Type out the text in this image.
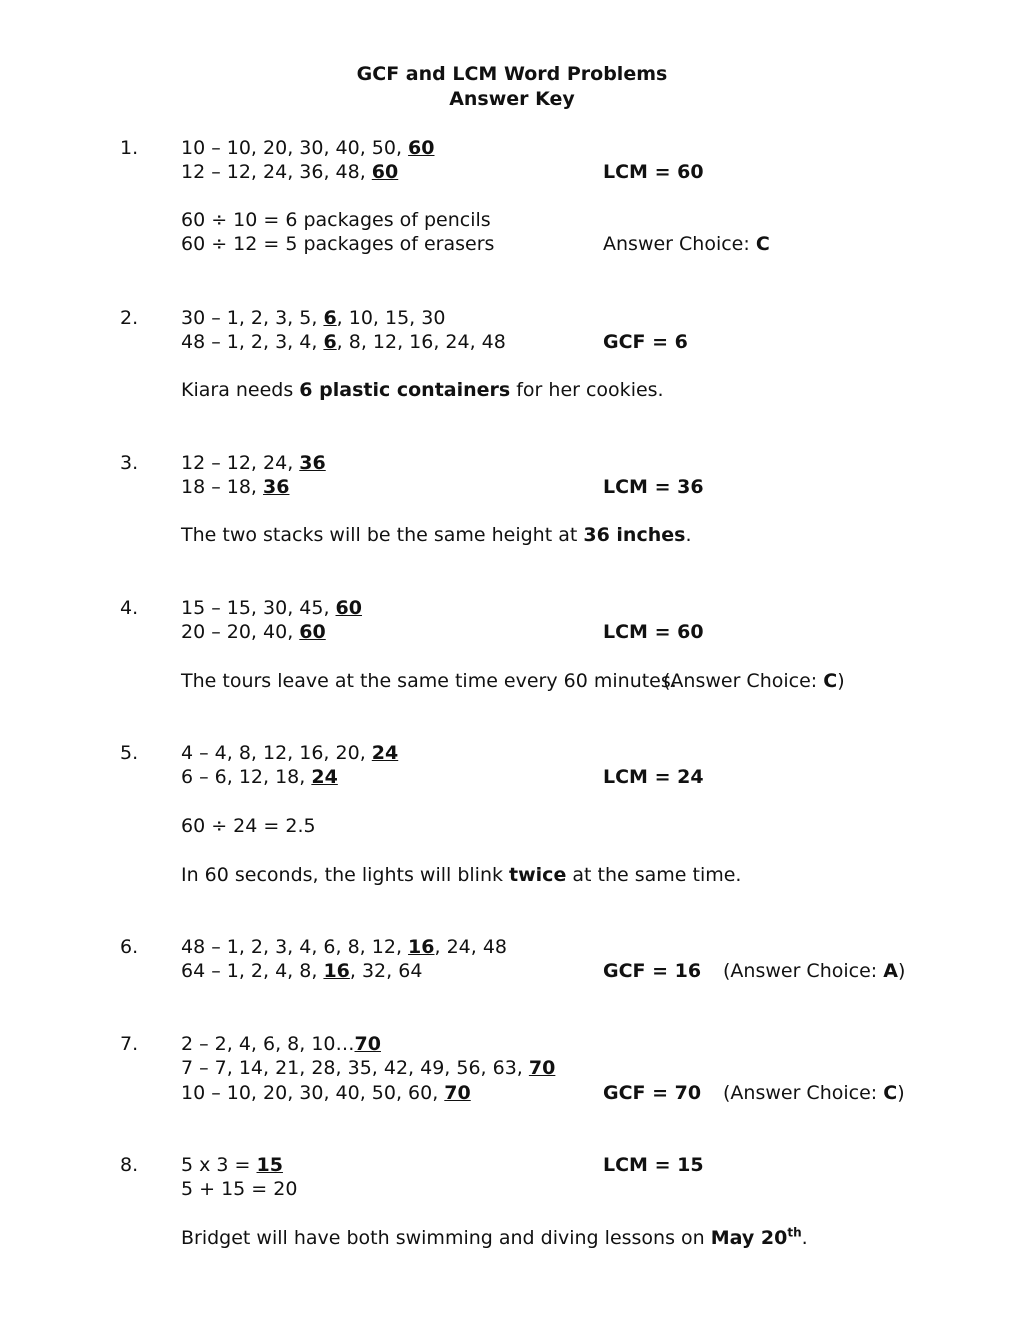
GCF and LCM Word Problems
Answer Key
1. 10 – 10, 20, 30, 40, 50, 60
12 – 12, 24, 36, 48, 60	LCM = 60
60 ÷ 10 = 6 packages of pencils
60 ÷ 12 = 5 packages of erasers	Answer Choice: C
2. 30 – 1, 2, 3, 5, 6, 10, 15, 30
48 – 1, 2, 3, 4, 6, 8, 12, 16, 24, 48	GCF = 6
Kiara needs 6 plastic containers for her cookies.
3. 12 – 12, 24, 36
18 – 18, 36	LCM = 36
The two stacks will be the same height at 36 inches.
4. 15 – 15, 30, 45, 60
20 – 20, 40, 60	LCM = 60
The tours leave at the same time every 60 minutes.
(Answer Choice: C)
5. 4 – 4, 8, 12, 16, 20, 24
6 – 6, 12, 18, 24	LCM = 24
60 ÷ 24 = 2.5
In 60 seconds, the lights will blink twice at the same time.
6. 48 – 1, 2, 3, 4, 6, 8, 12, 16, 24, 48
64 – 1, 2, 4, 8, 16, 32, 64	GCF = 16 (Answer Choice: A)
7. 2 – 2, 4, 6, 8, 10…70
7 – 7, 14, 21, 28, 35, 42, 49, 56, 63, 70
10 – 10, 20, 30, 40, 50, 60, 70	GCF = 70 (Answer Choice: C)
8. 5 x 3 = 15	LCM = 15
5 + 15 = 20
Bridget will have both swimming and diving lessons on May 20th.
